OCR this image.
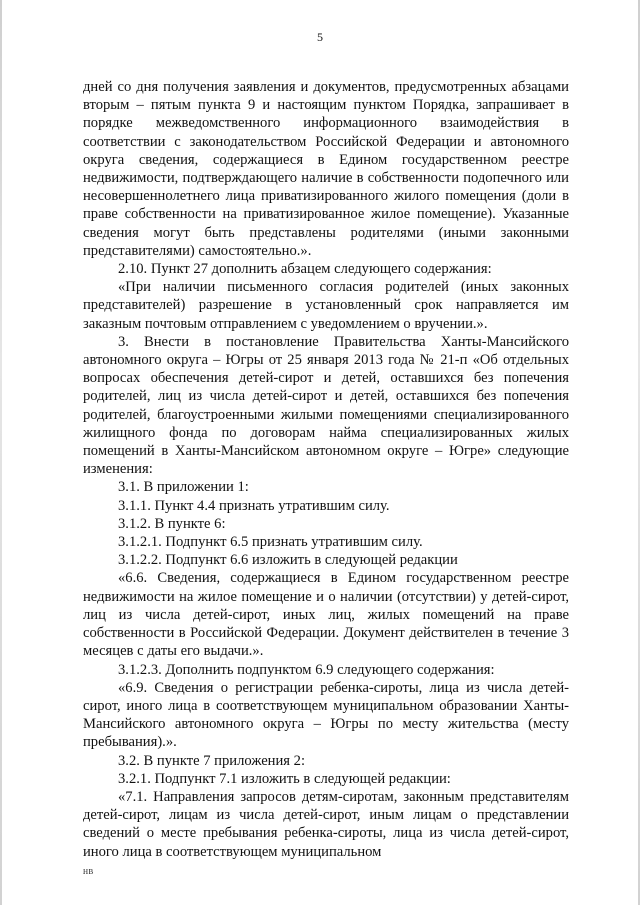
5

дней со дня получения заявления и документов, предусмотренных абзацами вторым – пятым пункта 9 и настоящим пунктом Порядка, запрашивает в порядке межведомственного информационного взаимодействия в соответствии с законодательством Российской Федерации и автономного округа сведения, содержащиеся в Едином государственном реестре недвижимости, подтверждающего наличие в собственности подопечного или несовершеннолетнего лица приватизированного жилого помещения (доли в праве собственности на приватизированное жилое помещение). Указанные сведения могут быть представлены родителями (иными законными представителями) самостоятельно.».

2.10. Пункт 27 дополнить абзацем следующего содержания:

«При наличии письменного согласия родителей (иных законных представителей) разрешение в установленный срок направляется им заказным почтовым отправлением с уведомлением о вручении.».

3. Внести в постановление Правительства Ханты-Мансийского автономного округа – Югры от 25 января 2013 года № 21-п «Об отдельных вопросах обеспечения детей-сирот и детей, оставшихся без попечения родителей, лиц из числа детей-сирот и детей, оставшихся без попечения родителей, благоустроенными жилыми помещениями специализированного жилищного фонда по договорам найма специализированных жилых помещений в Ханты-Мансийском автономном округе – Югре» следующие изменения:

3.1. В приложении 1:

3.1.1. Пункт 4.4 признать утратившим силу.

3.1.2. В пункте 6:

3.1.2.1. Подпункт 6.5 признать утратившим силу.

3.1.2.2. Подпункт 6.6 изложить в следующей редакции

«6.6. Сведения, содержащиеся в Едином государственном реестре недвижимости на жилое помещение и о наличии (отсутствии) у детей-сирот, лиц из числа детей-сирот, иных лиц, жилых помещений на праве собственности в Российской Федерации. Документ действителен в течение 3 месяцев с даты его выдачи.».

3.1.2.3. Дополнить подпунктом 6.9 следующего содержания:

«6.9. Сведения о регистрации ребенка-сироты, лица из числа детей-сирот, иного лица в соответствующем муниципальном образовании Ханты-Мансийского автономного округа – Югры по месту жительства (месту пребывания).».

3.2. В пункте 7 приложения 2:

3.2.1. Подпункт 7.1 изложить в следующей редакции:

«7.1. Направления запросов детям-сиротам, законным представителям детей-сирот, лицам из числа детей-сирот, иным лицам о представлении сведений о месте пребывания ребенка-сироты, лица из числа детей-сирот, иного лица в соответствующем муниципальном

НВ
